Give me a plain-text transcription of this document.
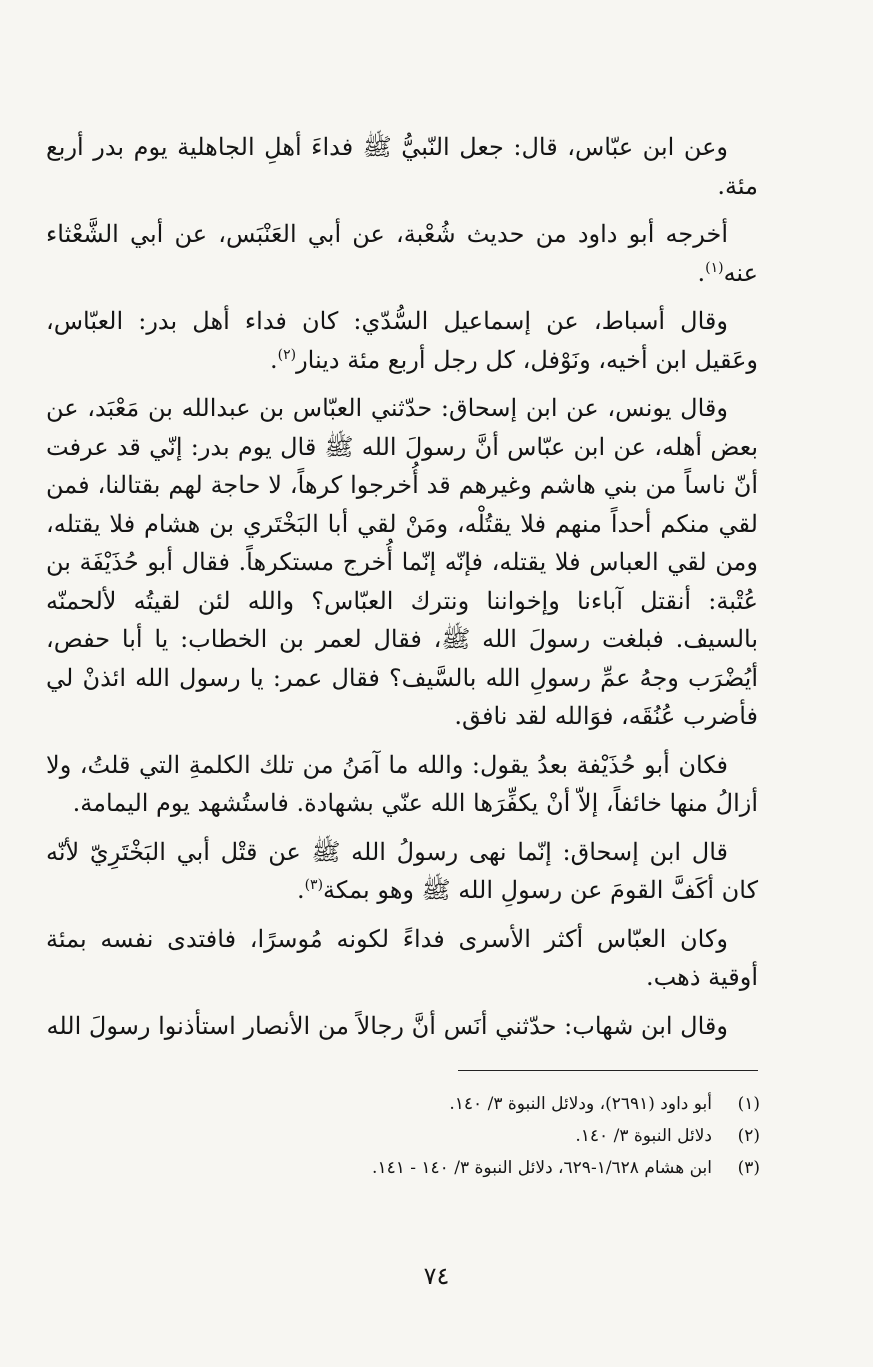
وعن ابن عبّاس، قال: جعل النّبيُّ ﷺ فداءَ أهلِ الجاهلية يوم بدر أربع مئة.

أخرجه أبو داود من حديث شُعْبة، عن أبي العَنْبَس، عن أبي الشَّعْثاء عنه$^{(١)}$.

وقال أسباط، عن إسماعيل السُّدّي: كان فداء أهل بدر: العبّاس، وعَقيل ابن أخيه، ونَوْفل، كل رجل أربع مئة دينار$^{(٢)}$.

وقال يونس، عن ابن إسحاق: حدّثني العبّاس بن عبدالله بن مَعْبَد، عن بعض أهله، عن ابن عبّاس أنَّ رسولَ الله ﷺ قال يوم بدر: إنّي قد عرفت أنّ ناساً من بني هاشم وغيرهم قد أُخرجوا كرهاً، لا حاجة لهم بقتالنا، فمن لقي منكم أحداً منهم فلا يقتُلْه، ومَنْ لقي أبا البَخْتَري بن هشام فلا يقتله، ومن لقي العباس فلا يقتله، فإنّه إنّما أُخرج مستكرهاً. فقال أبو حُذَيْفَة بن عُتْبة: أنقتل آباءنا وإخواننا ونترك العبّاس؟ والله لئن لقيتُه لألحمنّه بالسيف. فبلغت رسولَ الله ﷺ، فقال لعمر بن الخطاب: يا أبا حفص، أيُضْرَب وجهُ عمِّ رسولِ الله بالسَّيف؟ فقال عمر: يا رسول الله ائذنْ لي فأضرب عُنُقَه، فوَالله لقد نافق.

فكان أبو حُذَيْفة بعدُ يقول: والله ما آمَنُ من تلك الكلمةِ التي قلتُ، ولا أزالُ منها خائفاً، إلاّ أنْ يكفِّرَها الله عنّي بشهادة. فاستُشهد يوم اليمامة.

قال ابن إسحاق: إنّما نهى رسولُ الله ﷺ عن قتْل أبي البَخْتَرِيّ لأنّه كان أكَفَّ القومَ عن رسولِ الله ﷺ وهو بمكة$^{(٣)}$.

وكان العبّاس أكثر الأسرى فداءً لكونه مُوسرًا، فافتدى نفسه بمئة أوقية ذهب.

وقال ابن شهاب: حدّثني أنَس أنَّ رجالاً من الأنصار استأذنوا رسولَ الله

(١)
أبو داود (٢٦٩١)، ودلائل النبوة ٣/ ١٤٠.
(٢)
دلائل النبوة ٣/ ١٤٠.
(٣)
ابن هشام ١/٦٢٨-٦٢٩، دلائل النبوة ٣/ ١٤٠ - ١٤١.
٧٤
